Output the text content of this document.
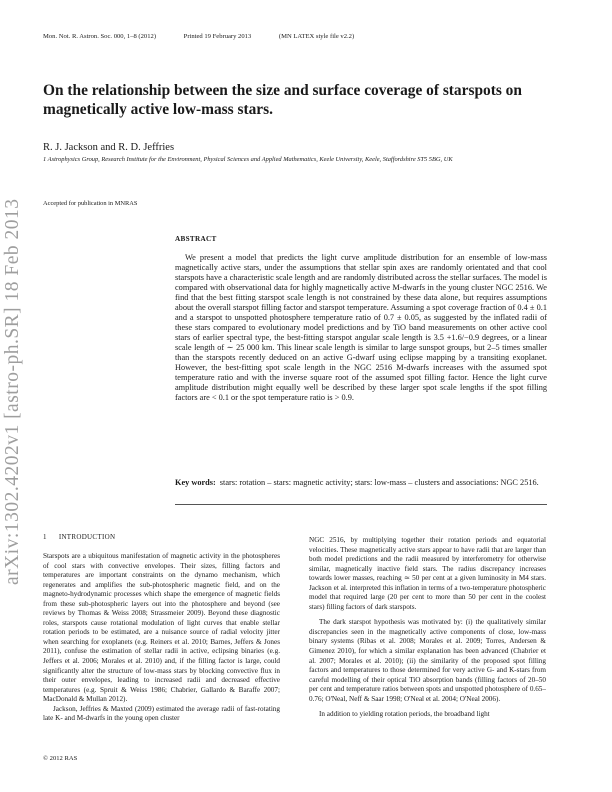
Mon. Not. R. Astron. Soc. 000, 1–8 (2012)	Printed 19 February 2013	(MN LATEX style file v2.2)
On the relationship between the size and surface coverage of starspots on magnetically active low-mass stars.
R. J. Jackson and R. D. Jeffries
1 Astrophysics Group, Research Institute for the Environment, Physical Sciences and Applied Mathematics, Keele University, Keele, Staffordshire ST5 5BG, UK
Accepted for publication in MNRAS
arXiv:1302.4202v1 [astro-ph.SR] 18 Feb 2013	ABSTRACT

We present a model that predicts the light curve amplitude distribution for an ensemble of low-mass magnetically active stars, under the assumptions that stellar spin axes are randomly orientated and that cool starspots have a characteristic scale length and are randomly distributed across the stellar surfaces. The model is compared with observational data for highly magnetically active M-dwarfs in the young cluster NGC 2516. We find that the best fitting starspot scale length is not constrained by these data alone, but requires assumptions about the overall starspot filling factor and starspot temperature. Assuming a spot coverage fraction of 0.4 ± 0.1 and a starspot to unspotted photosphere temperature ratio of 0.7 ± 0.05, as suggested by the inflated radii of these stars compared to evolutionary model predictions and by TiO band measurements on other active cool stars of earlier spectral type, the best-fitting starspot angular scale length is 3.5 +1.6/−0.9 degrees, or a linear scale length of ∼ 25 000 km. This linear scale length is similar to large sunspot groups, but 2–5 times smaller than the starspots recently deduced on an active G-dwarf using eclipse mapping by a transiting exoplanet. However, the best-fitting spot scale length in the NGC 2516 M-dwarfs increases with the assumed spot temperature ratio and with the inverse square root of the assumed spot filling factor. Hence the light curve amplitude distribution might equally well be described by these larger spot scale lengths if the spot filling factors are < 0.1 or the spot temperature ratio is > 0.9.

Key words: stars: rotation – stars: magnetic activity; stars: low-mass – clusters and associations: NGC 2516.

1 INTRODUCTION

Starspots are a ubiquitous manifestation of magnetic activity in the photospheres of cool stars with convective envelopes. Their sizes, filling factors and temperatures are important constraints on the dynamo mechanism, which regenerates and amplifies the sub-photospheric magnetic field, and on the magneto-hydrodynamic processes which shape the emergence of magnetic fields from these sub-photospheric layers out into the photosphere and beyond (see reviews by Thomas & Weiss 2008; Strassmeier 2009). Beyond these diagnostic roles, starspots cause rotational modulation of light curves that enable stellar rotation periods to be estimated, are a nuisance source of radial velocity jitter when searching for exoplanets (e.g. Reiners et al. 2010; Barnes, Jeffers & Jones 2011), confuse the estimation of stellar radii in active, eclipsing binaries (e.g. Jeffers et al. 2006; Morales et al. 2010) and, if the filling factor is large, could significantly alter the structure of low-mass stars by blocking convective flux in their outer envelopes, leading to increased radii and decreased effective temperatures (e.g. Spruit & Weiss 1986; Chabrier, Gallardo & Baraffe 2007; MacDonald & Mullan 2012).

Jackson, Jeffries & Maxted (2009) estimated the average radii of fast-rotating late K- and M-dwarfs in the young open cluster

NGC 2516, by multiplying together their rotation periods and equatorial velocities. These magnetically active stars appear to have radii that are larger than both model predictions and the radii measured by interferometry for otherwise similar, magnetically inactive field stars. The radius discrepancy increases towards lower masses, reaching ≃ 50 per cent at a given luminosity in M4 stars. Jackson et al. interpreted this inflation in terms of a two-temperature photospheric model that required large (20 per cent to more than 50 per cent in the coolest stars) filling factors of dark starspots.

The dark starspot hypothesis was motivated by: (i) the qualitatively similar discrepancies seen in the magnetically active components of close, low-mass binary systems (Ribas et al. 2008; Morales et al. 2009; Torres, Andersen & Gimenez 2010), for which a similar explanation has been advanced (Chabrier et al. 2007; Morales et al. 2010); (ii) the similarity of the proposed spot filling factors and temperatures to those determined for very active G- and K-stars from careful modelling of their optical TiO absorption bands (filling factors of 20–50 per cent and temperature ratios between spots and unspotted photosphere of 0.65–0.76; O'Neal, Neff & Saar 1998; O'Neal et al. 2004; O'Neal 2006).

In addition to yielding rotation periods, the broadband light

© 2012 RAS
